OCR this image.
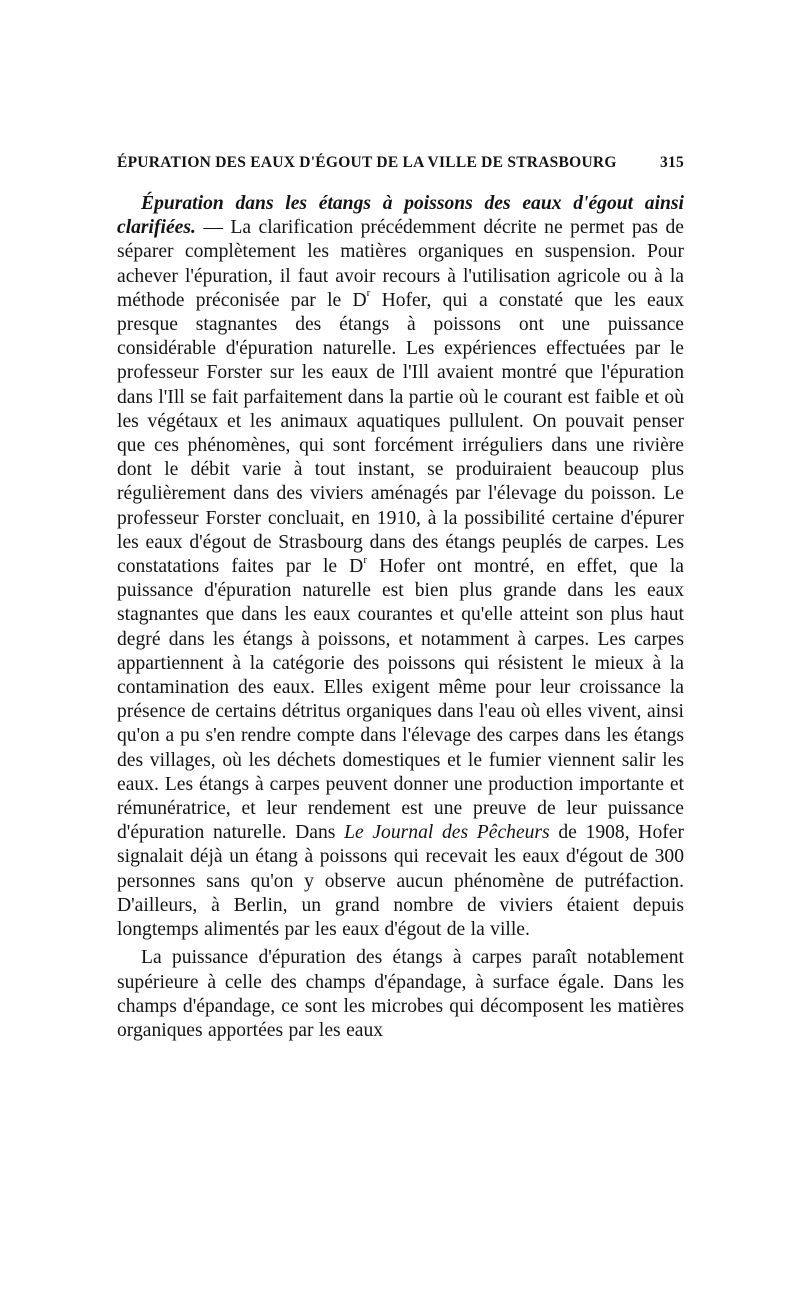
ÉPURATION DES EAUX D'ÉGOUT DE LA VILLE DE STRASBOURG	315

Épuration dans les étangs à poissons des eaux d'égout ainsi clarifiées. — La clarification précédemment décrite ne permet pas de séparer complètement les matières organiques en suspension. Pour achever l'épuration, il faut avoir recours à l'utilisation agricole ou à la méthode préconisée par le $D^r$ Hofer, qui a constaté que les eaux presque stagnantes des étangs à poissons ont une puissance considérable d'épuration naturelle. Les expériences effectuées par le professeur Forster sur les eaux de l'Ill avaient montré que l'épuration dans l'Ill se fait parfaitement dans la partie où le courant est faible et où les végétaux et les animaux aquatiques pullulent. On pouvait penser que ces phénomènes, qui sont forcément irréguliers dans une rivière dont le débit varie à tout instant, se produiraient beaucoup plus régulièrement dans des viviers aménagés par l'élevage du poisson. Le professeur Forster concluait, en 1910, à la possibilité certaine d'épurer les eaux d'égout de Strasbourg dans des étangs peuplés de carpes. Les constatations faites par le $D^r$ Hofer ont montré, en effet, que la puissance d'épuration naturelle est bien plus grande dans les eaux stagnantes que dans les eaux courantes et qu'elle atteint son plus haut degré dans les étangs à poissons, et notamment à carpes. Les carpes appartiennent à la catégorie des poissons qui résistent le mieux à la contamination des eaux. Elles exigent même pour leur croissance la présence de certains détritus organiques dans l'eau où elles vivent, ainsi qu'on a pu s'en rendre compte dans l'élevage des carpes dans les étangs des villages, où les déchets domestiques et le fumier viennent salir les eaux. Les étangs à carpes peuvent donner une production importante et rémunératrice, et leur rendement est une preuve de leur puissance d'épuration naturelle. Dans Le Journal des Pêcheurs de 1908, Hofer signalait déjà un étang à poissons qui recevait les eaux d'égout de 300 personnes sans qu'on y observe aucun phénomène de putréfaction. D'ailleurs, à Berlin, un grand nombre de viviers étaient depuis longtemps alimentés par les eaux d'égout de la ville.

La puissance d'épuration des étangs à carpes paraît notablement supérieure à celle des champs d'épandage, à surface égale. Dans les champs d'épandage, ce sont les microbes qui décomposent les matières organiques apportées par les eaux
